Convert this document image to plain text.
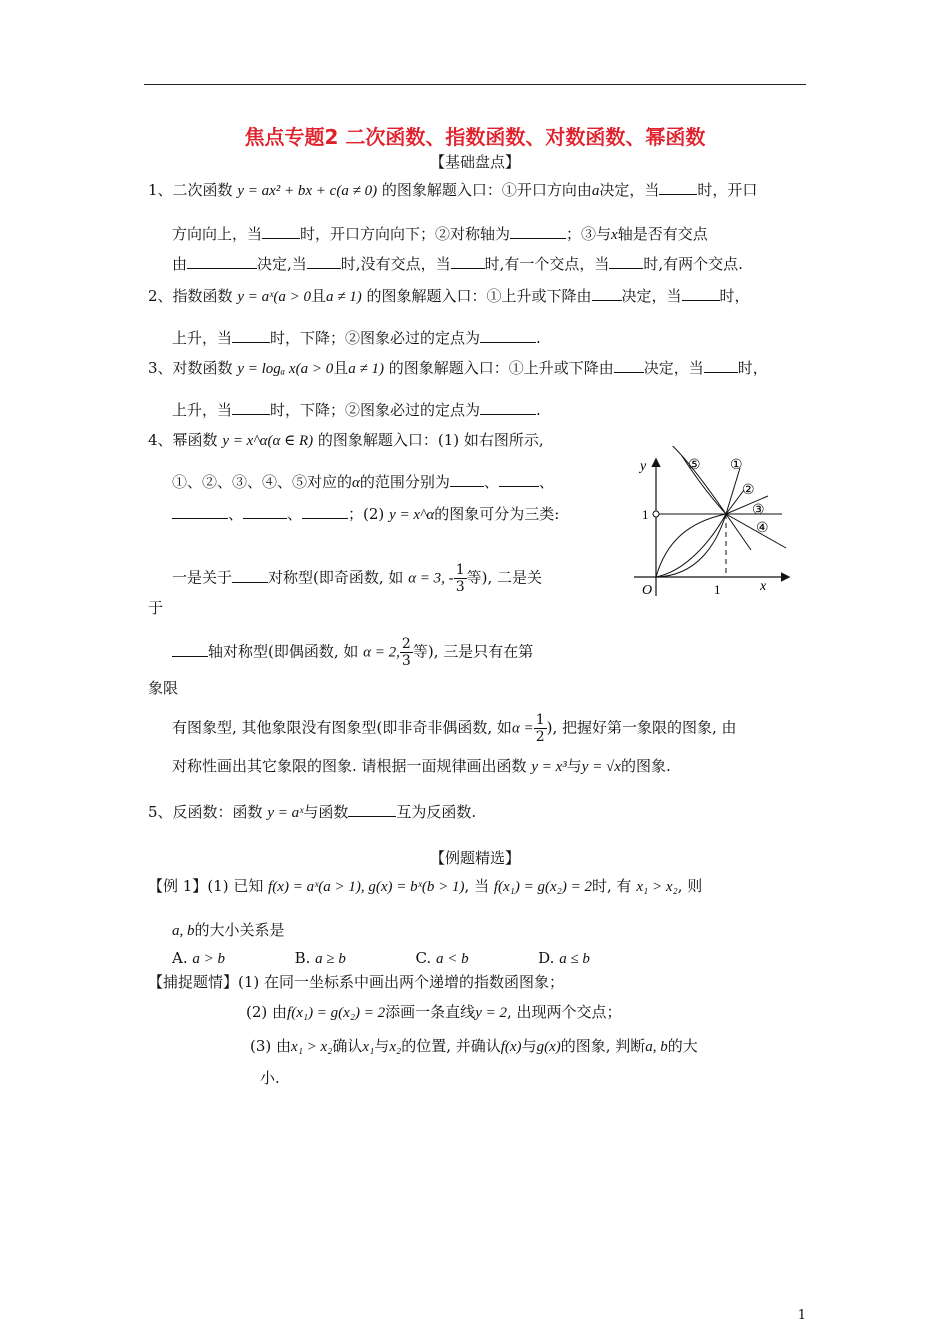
焦点专题2 二次函数、指数函数、对数函数、幂函数
【基础盘点】
1、二次函数 y = ax² + bx + c(a ≠ 0) 的图象解题入口：①开口方向由a决定，当	时，开口
方向向上，当	时，开口方向向下；②对称轴为	；③与x轴是否有交点
由	决定,当 时,没有交点，当 时,有一个交点，当 时,有两个交点.
2、指数函数 y = aˣ(a > 0且a ≠ 1) 的图象解题入口：①上升或下降由 决定，当	时，
上升，当	时，下降；②图象必过的定点为	.
3、对数函数 y = logₐ x(a > 0且a ≠ 1) 的图象解题入口：①上升或下降由 决定，当 时，
上升，当	时，下降；②图象必过的定点为	.
4、幂函数 y = x^α(α ∈ R) 的图象解题入口：(1) 如右图所示,
①、②、③、④、⑤对应的α的范围分别为 、	、
、	、	；(2) y = x^α的图象可分为三类:
一是关于 对称型(即奇函数, 如 α = 3, - $\frac{1}{3}$ 等), 二是关
于
轴对称型(即偶函数, 如 α = 2, $\frac{2}{3}$ 等), 三是只有在第
象限
有图象型, 其他象限没有图象型(即非奇非偶函数, 如$\alpha = \frac{1}{2}$ ), 把握好第一象限的图象, 由
对称性画出其它象限的图象. 请根据一面规律画出函数 y = x³与y = √x的图象.
5、反函数：函数 y = aˣ与函数	互为反函数.
y
x
O	1
1
⑤ ①
②
③
④
【例题精选】
【例 1】(1) 已知 f(x) = aˣ(a > 1), g(x) = bˣ(b > 1), 当 f(x₁) = g(x₂) = 2时, 有 x₁ > x₂, 则
a, b的大小关系是
A. a > b	B. a ≥ b	C. a < b	D. a ≤ b
【捕捉题情】(1) 在同一坐标系中画出两个递增的指数函图象；
(2) 由f(x₁) = g(x₂) = 2添画一条直线y = 2, 出现两个交点；
(3) 由x₁ > x₂确认x₁与x₂的位置, 并确认f(x)与g(x)的图象, 判断a, b的大
小.
1
